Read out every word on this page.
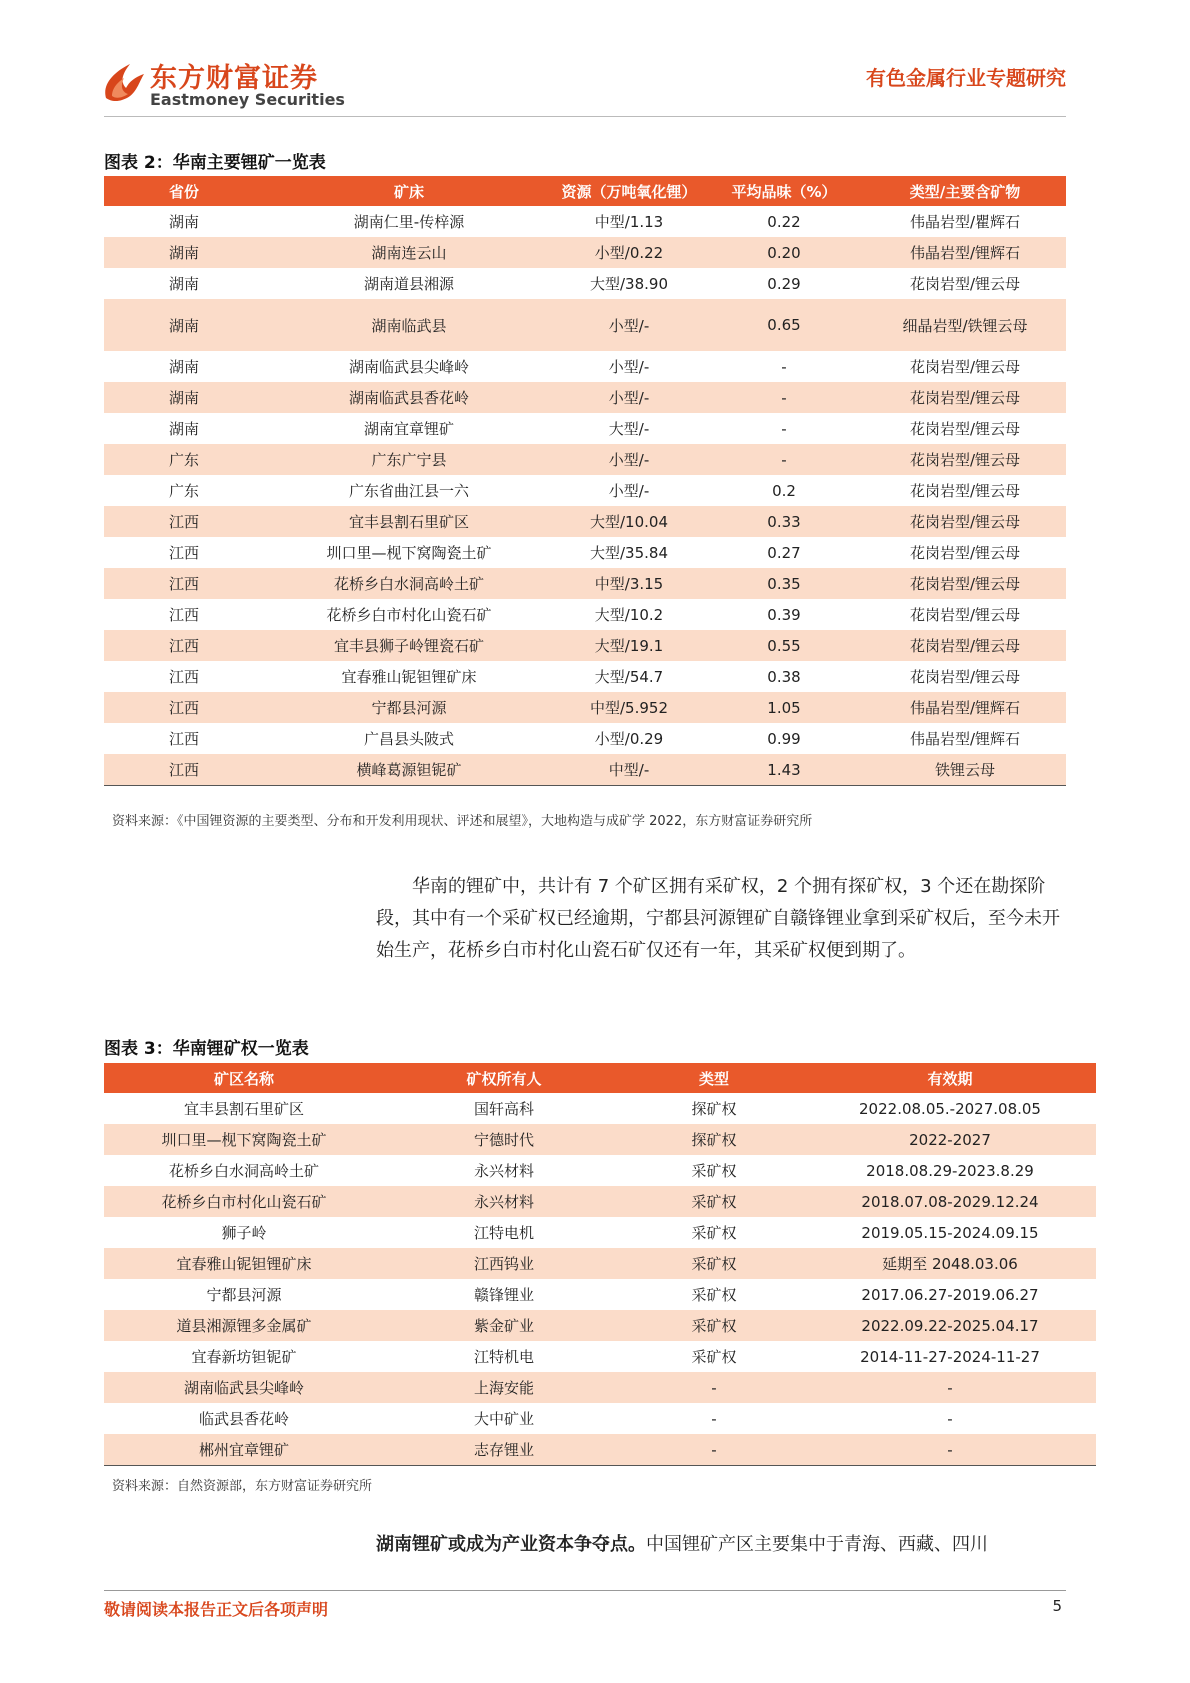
东方财富证券
Eastmoney Securities
有色金属行业专题研究
图表 2：华南主要锂矿一览表
省份	矿床	资源（万吨氧化锂）	平均品味（%）	类型/主要含矿物
湖南	湖南仁里-传梓源	中型/1.13	0.22	伟晶岩型/瞿辉石
湖南	湖南连云山	小型/0.22	0.20	伟晶岩型/锂辉石
湖南	湖南道县湘源	大型/38.90	0.29	花岗岩型/锂云母
湖南	湖南临武县	小型/-	0.65	细晶岩型/铁锂云母
湖南	湖南临武县尖峰岭	小型/-	-	花岗岩型/锂云母
湖南	湖南临武县香花岭	小型/-	-	花岗岩型/锂云母
湖南	湖南宜章锂矿	大型/-	-	花岗岩型/锂云母
广东	广东广宁县	小型/-	-	花岗岩型/锂云母
广东	广东省曲江县一六	小型/-	0.2	花岗岩型/锂云母
江西	宜丰县割石里矿区	大型/10.04	0.33	花岗岩型/锂云母
江西	圳口里—枧下窝陶瓷土矿	大型/35.84	0.27	花岗岩型/锂云母
江西	花桥乡白水洞高岭土矿	中型/3.15	0.35	花岗岩型/锂云母
江西	花桥乡白市村化山瓷石矿	大型/10.2	0.39	花岗岩型/锂云母
江西	宜丰县狮子岭锂瓷石矿	大型/19.1	0.55	花岗岩型/锂云母
江西	宜春雅山铌钽锂矿床	大型/54.7	0.38	花岗岩型/锂云母
江西	宁都县河源	中型/5.952	1.05	伟晶岩型/锂辉石
江西	广昌县头陂式	小型/0.29	0.99	伟晶岩型/锂辉石
江西	横峰葛源钽铌矿	中型/-	1.43	铁锂云母
资料来源：《中国锂资源的主要类型、分布和开发利用现状、评述和展望》，大地构造与成矿学 2022，东方财富证券研究所
华南的锂矿中，共计有 7 个矿区拥有采矿权，2 个拥有探矿权，3 个还在勘探阶段，其中有一个采矿权已经逾期，宁都县河源锂矿自赣锋锂业拿到采矿权后，至今未开始生产，花桥乡白市村化山瓷石矿仅还有一年，其采矿权便到期了。
图表 3：华南锂矿权一览表
矿区名称	矿权所有人	类型	有效期
宜丰县割石里矿区	国轩高科	探矿权	2022.08.05.-2027.08.05
圳口里—枧下窝陶瓷土矿	宁德时代	探矿权	2022-2027
花桥乡白水洞高岭土矿	永兴材料	采矿权	2018.08.29-2023.8.29
花桥乡白市村化山瓷石矿	永兴材料	采矿权	2018.07.08-2029.12.24
狮子岭	江特电机	采矿权	2019.05.15-2024.09.15
宜春雅山铌钽锂矿床	江西钨业	采矿权	延期至 2048.03.06
宁都县河源	赣锋锂业	采矿权	2017.06.27-2019.06.27
道县湘源锂多金属矿	紫金矿业	采矿权	2022.09.22-2025.04.17
宜春新坊钽铌矿	江特机电	采矿权	2014-11-27-2024-11-27
湖南临武县尖峰岭	上海安能	-	-
临武县香花岭	大中矿业	-	-
郴州宜章锂矿	志存锂业	-	-
资料来源：自然资源部，东方财富证券研究所
湖南锂矿或成为产业资本争夺点。中国锂矿产区主要集中于青海、西藏、四川
敬请阅读本报告正文后各项声明	5
